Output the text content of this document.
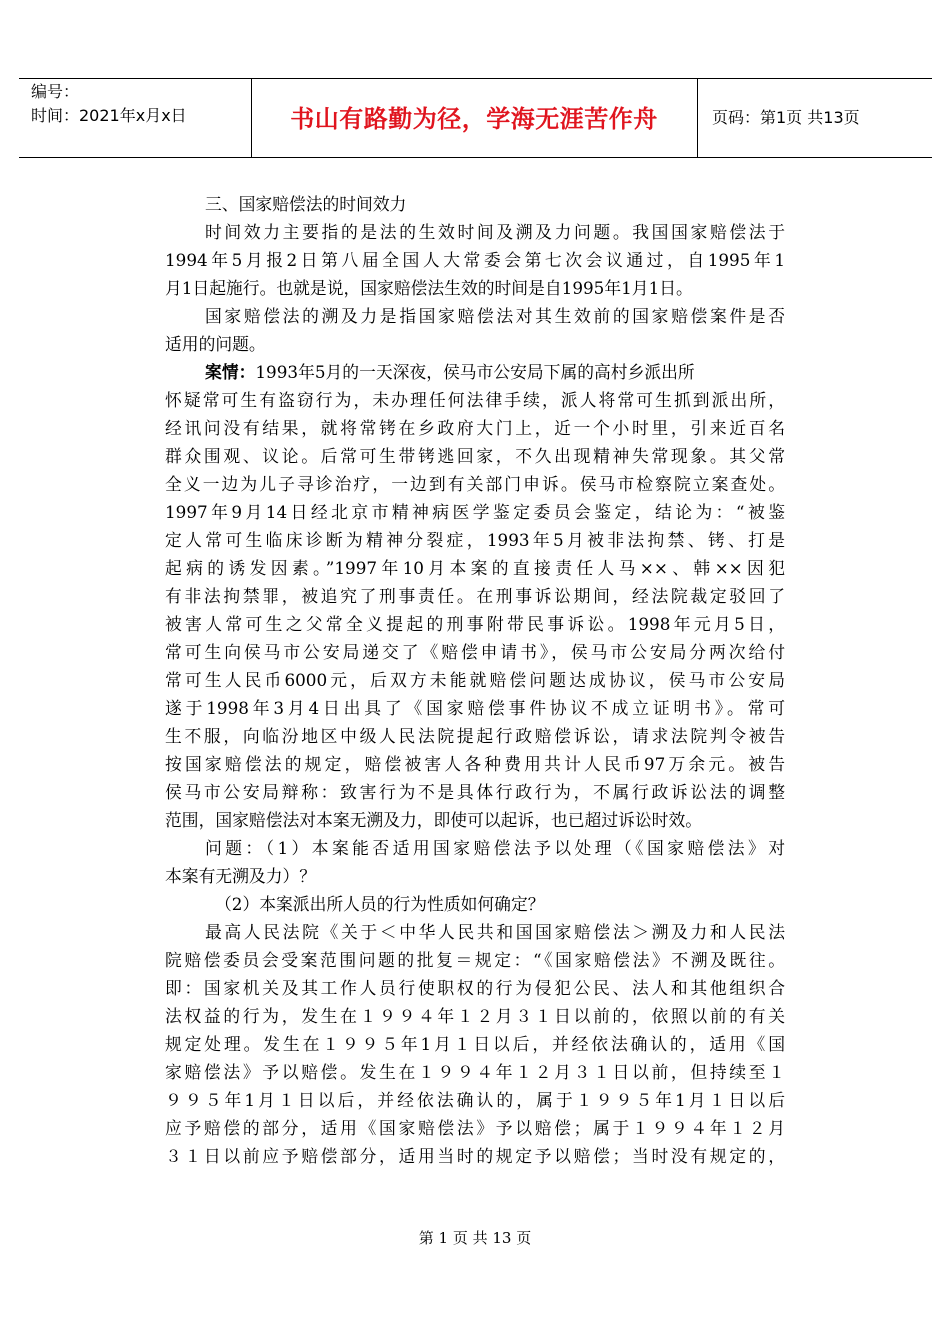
编号：
时间：2021年x月x日	书山有路勤为径，学海无涯苦作舟	页码：第1页 共13页
三、国家赔偿法的时间效力
时间效力主要指的是法的生效时间及溯及力问题。我国国家赔偿法于
1994年5月报2日第八届全国人大常委会第七次会议通过，自1995年1
月1日起施行。也就是说，国家赔偿法生效的时间是自1995年1月1日。
国家赔偿法的溯及力是指国家赔偿法对其生效前的国家赔偿案件是否
适用的问题。
案情：1993年5月的一天深夜，侯马市公安局下属的高村乡派出所
怀疑常可生有盗窃行为，未办理任何法律手续，派人将常可生抓到派出所，
经讯问没有结果，就将常铐在乡政府大门上，近一个小时里，引来近百名
群众围观、议论。后常可生带铐逃回家，不久出现精神失常现象。其父常
全义一边为儿子寻诊治疗，一边到有关部门申诉。侯马市检察院立案查处。
1997年9月14日经北京市精神病医学鉴定委员会鉴定，结论为：“被鉴
定人常可生临床诊断为精神分裂症，1993年5月被非法拘禁、铐、打是
起病的诱发因素。”1997年10月本案的直接责任人马××、韩××因犯
有非法拘禁罪，被追究了刑事责任。在刑事诉讼期间，经法院裁定驳回了
被害人常可生之父常全义提起的刑事附带民事诉讼。1998年元月5日，
常可生向侯马市公安局递交了《赔偿申请书》，侯马市公安局分两次给付
常可生人民币6000元，后双方未能就赔偿问题达成协议，侯马市公安局
遂于1998年3月4日出具了《国家赔偿事件协议不成立证明书》。常可
生不服，向临汾地区中级人民法院提起行政赔偿诉讼，请求法院判令被告
按国家赔偿法的规定，赔偿被害人各种费用共计人民币97万余元。被告
侯马市公安局辩称：致害行为不是具体行政行为，不属行政诉讼法的调整
范围，国家赔偿法对本案无溯及力，即使可以起诉，也已超过诉讼时效。
问题：（1）本案能否适用国家赔偿法予以处理（《国家赔偿法》对
本案有无溯及力）？
（2）本案派出所人员的行为性质如何确定？
最高人民法院《关于＜中华人民共和国国家赔偿法＞溯及力和人民法
院赔偿委员会受案范围问题的批复＝规定：“《国家赔偿法》不溯及既往。
即：国家机关及其工作人员行使职权的行为侵犯公民、法人和其他组织合
法权益的行为，发生在１９９４年１２月３１日以前的，依照以前的有关
规定处理。发生在１９９５年1月１日以后，并经依法确认的，适用《国
家赔偿法》予以赔偿。发生在１９９４年１２月３１日以前，但持续至１
９９５年1月１日以后，并经依法确认的，属于１９９５年1月１日以后
应予赔偿的部分，适用《国家赔偿法》予以赔偿；属于１９９４年１２月
３１日以前应予赔偿部分，适用当时的规定予以赔偿；当时没有规定的，
第 1 页 共 13 页
